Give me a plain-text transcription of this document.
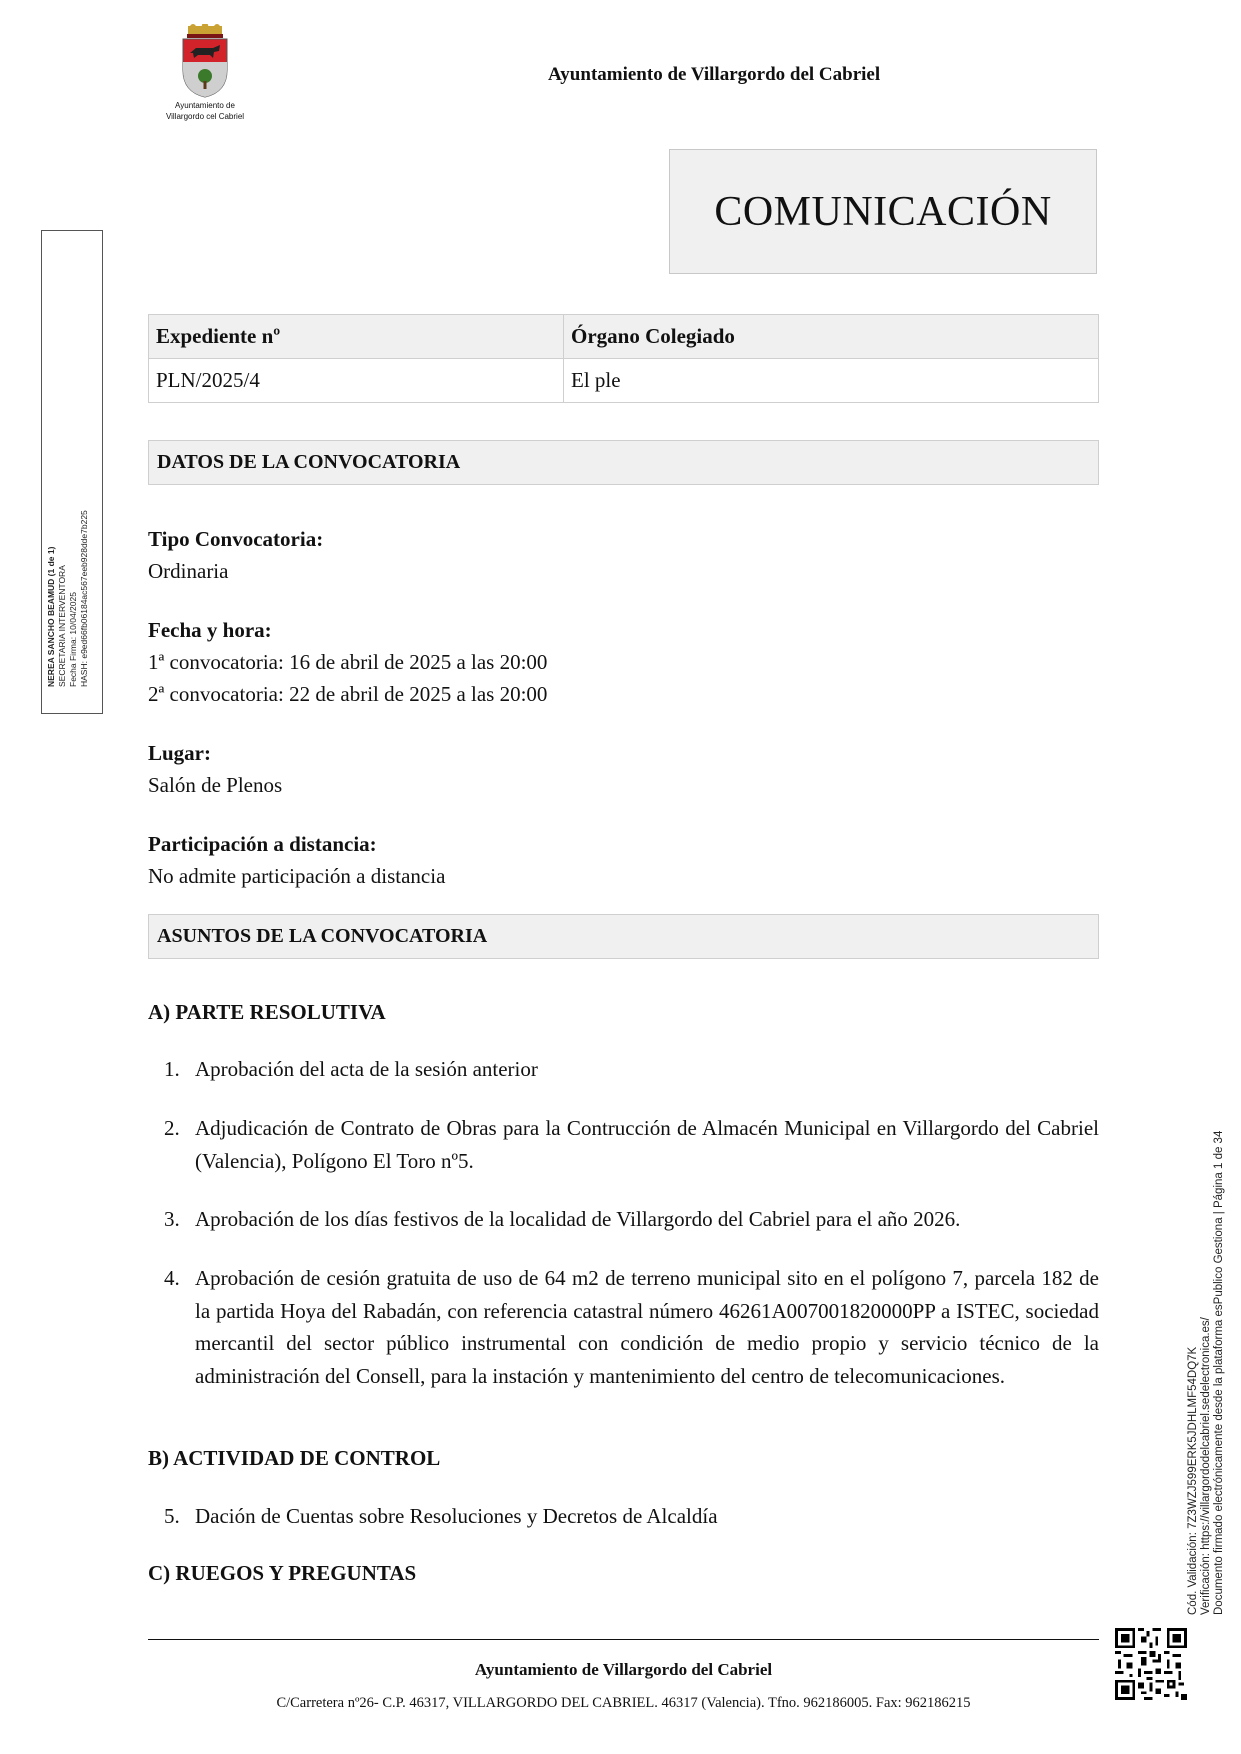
Ayuntamiento de
Villargordo cel Cabriel
Ayuntamiento de Villargordo del Cabriel
COMUNICACIÓN
NEREA SANCHO BEAMUD (1 de 1) SECRETARIA INTERVENTORA Fecha Firma: 10/04/2025 HASH: e9ed66fb06184ac567eeb928dde7b225
Expediente nº	Órgano Colegiado
PLN/2025/4	El ple
DATOS DE LA CONVOCATORIA
Tipo Convocatoria:
Ordinaria
Fecha y hora:
1ª convocatoria: 16 de abril de 2025 a las 20:00
2ª convocatoria: 22 de abril de 2025 a las 20:00
Lugar:
Salón de Plenos
Participación a distancia:
No admite participación a distancia
ASUNTOS DE LA CONVOCATORIA
A) PARTE RESOLUTIVA
1. Aprobación del acta de la sesión anterior
2. Adjudicación de Contrato de Obras para la Contrucción de Almacén Municipal en Villargordo del Cabriel (Valencia), Polígono El Toro nº5.
3. Aprobación de los días festivos de la localidad de Villargordo del Cabriel para el año 2026.
4. Aprobación de cesión gratuita de uso de 64 m2 de terreno municipal sito en el polígono 7, parcela 182 de la partida Hoya del Rabadán, con referencia catastral número 46261A007001820000PP a ISTEC, sociedad mercantil del sector público instrumental con condición de medio propio y servicio técnico de la administración del Consell, para la instación y mantenimiento del centro de telecomunicaciones.
B) ACTIVIDAD DE CONTROL
5. Dación de Cuentas sobre Resoluciones y Decretos de Alcaldía
C) RUEGOS Y PREGUNTAS
Ayuntamiento de Villargordo del Cabriel
C/Carretera nº26- C.P. 46317, VILLARGORDO DEL CABRIEL. 46317 (Valencia). Tfno. 962186005. Fax: 962186215
Cód. Validación: 7Z3WZJ599ERK5JDHLMF54DQ7K Verificación: https://villargordodelcabriel.sedelectronica.es/ Documento firmado electrónicamente desde la plataforma esPublico Gestiona | Página 1 de 34
